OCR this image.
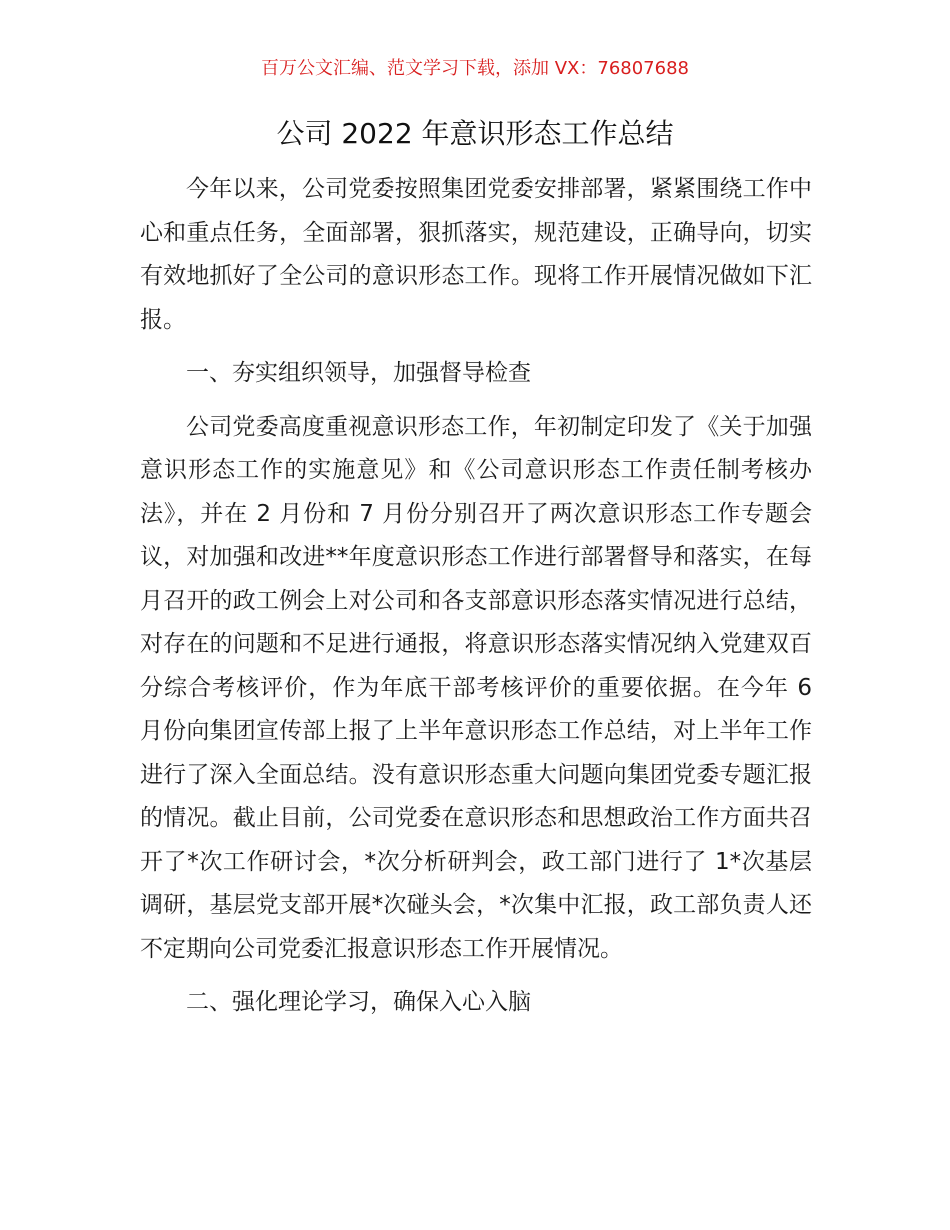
百万公文汇编、范文学习下载，添加 VX：76807688
公司 2022 年意识形态工作总结

今年以来，公司党委按照集团党委安排部署，紧紧围绕工作中心和重点任务，全面部署，狠抓落实，规范建设，正确导向，切实有效地抓好了全公司的意识形态工作。现将工作开展情况做如下汇报。

一、夯实组织领导，加强督导检查

公司党委高度重视意识形态工作，年初制定印发了《关于加强意识形态工作的实施意见》和《公司意识形态工作责任制考核办法》，并在 2 月份和 7 月份分别召开了两次意识形态工作专题会议，对加强和改进**年度意识形态工作进行部署督导和落实，在每月召开的政工例会上对公司和各支部意识形态落实情况进行总结，对存在的问题和不足进行通报，将意识形态落实情况纳入党建双百分综合考核评价，作为年底干部考核评价的重要依据。在今年 6 月份向集团宣传部上报了上半年意识形态工作总结，对上半年工作进行了深入全面总结。没有意识形态重大问题向集团党委专题汇报的情况。截止目前，公司党委在意识形态和思想政治工作方面共召开了*次工作研讨会，*次分析研判会，政工部门进行了 1*次基层调研，基层党支部开展*次碰头会，*次集中汇报，政工部负责人还不定期向公司党委汇报意识形态工作开展情况。

二、强化理论学习，确保入心入脑
